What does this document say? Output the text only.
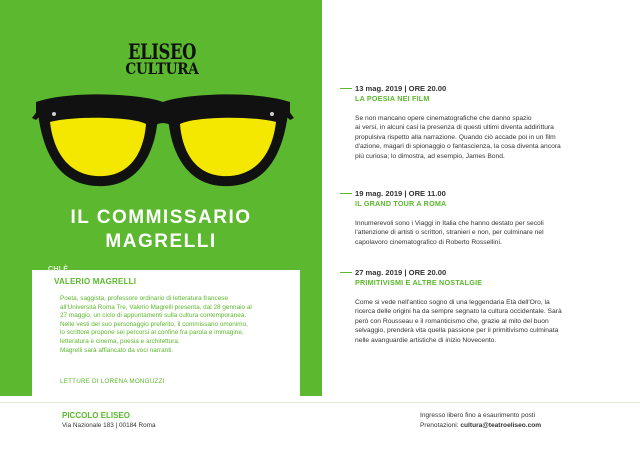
ELISEO
CULTURA
IL COMMISSARIO
MAGRELLI
CHI È
VALERIO MAGRELLI

Poeta, saggista, professore ordinario di letteratura francese
all'Università Roma Tre, Valerio Magrelli presenta, dal 28 gennaio al
27 maggio, un ciclo di appuntamenti sulla cultura contemporanea.
Nelle vesti del suo personaggio preferito, il commissario omonimo,
lo scrittore propone sei percorsi al confine fra parola e immagine,
letteratura e cinema, poesia e architettura.
Magrelli sarà affiancato da voci narranti.

LETTURE DI LORENA MONGUZZI

13 mag. 2019 | ORE 20.00

LA POESIA NEI FILM

Se non mancano opere cinematografiche che danno spazio
ai versi, in alcuni casi la presenza di questi ultimi diventa addirittura
propulsiva rispetto alla narrazione. Quando ciò accade poi in un film
d'azione, magari di spionaggio o fantascienza, la cosa diventa ancora
più curiosa; lo dimostra, ad esempio, James Bond.

19 mag. 2019 | ORE 11.00

IL GRAND TOUR A ROMA

Innumerevoli sono i Viaggi in Italia che hanno destato per secoli
l'attenzione di artisti o scrittori, stranieri e non, per culminare nel
capolavoro cinematografico di Roberto Rossellini.

27 mag. 2019 | ORE 20.00

PRIMITIVISMI E ALTRE NOSTALGIE

Come si vede nell'antico sogno di una leggendaria Età dell'Oro, la
ricerca delle origini ha da sempre segnato la cultura occidentale. Sarà
però con Rousseau e il romanticismo che, grazie al mito del buon
selvaggio, prenderà vita quella passione per il primitivismo culminata
nelle avanguardie artistiche di inizio Novecento.

PICCOLO ELISEO
Via Nazionale 183 | 00184 Roma
Ingresso libero fino a esaurimento posti
Prenotazioni: cultura@teatroeliseo.com
